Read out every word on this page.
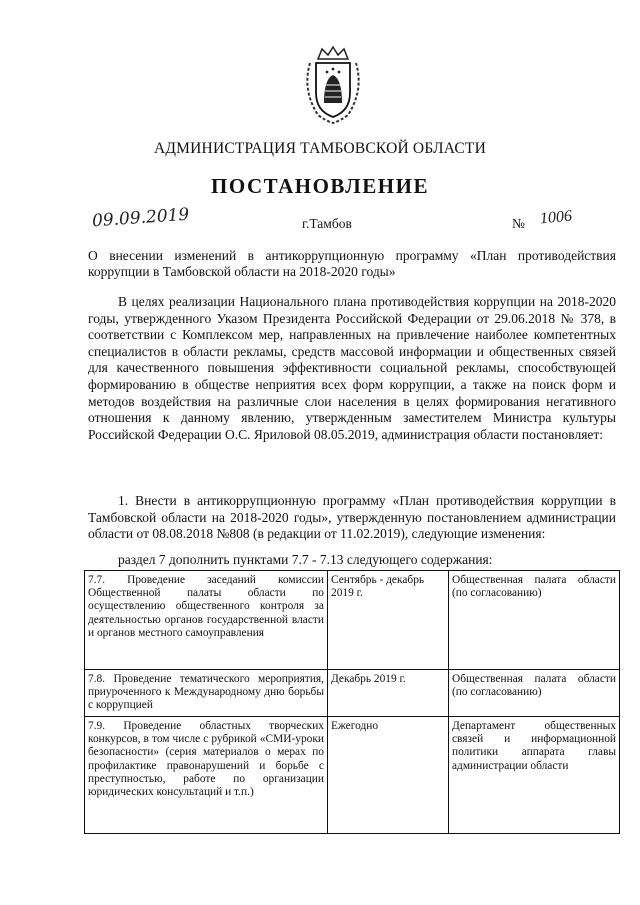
АДМИНИСТРАЦИЯ ТАМБОВСКОЙ ОБЛАСТИ
ПОСТАНОВЛЕНИЕ
09.09.2019	г.Тамбов	№ 1006
О внесении изменений в антикоррупционную программу «План противодействия коррупции в Тамбовской области на 2018-2020 годы»

В целях реализации Национального плана противодействия коррупции на 2018-2020 годы, утвержденного Указом Президента Российской Федерации от 29.06.2018 № 378, в соответствии с Комплексом мер, направленных на привлечение наиболее компетентных специалистов в области рекламы, средств массовой информации и общественных связей для качественного повышения эффективности социальной рекламы, способствующей формированию в обществе неприятия всех форм коррупции, а также на поиск форм и методов воздействия на различные слои населения в целях формирования негативного отношения к данному явлению, утвержденным заместителем Министра культуры Российской Федерации О.С. Яриловой 08.05.2019, администрация области постановляет:

1. Внести в антикоррупционную программу «План противодействия коррупции в Тамбовской области на 2018-2020 годы», утвержденную постановлением администрации области от 08.08.2018 №808 (в редакции от 11.02.2019), следующие изменения:

раздел 7 дополнить пунктами 7.7 - 7.13 следующего содержания:
7.7. Проведение заседаний комиссии Общественной палаты области по осуществлению общественного контроля за деятельностью органов государственной власти и органов местного самоуправления	Сентябрь - декабрь 2019 г.	Общественная палата области (по согласованию)
7.8. Проведение тематического мероприятия, приуроченного к Международному дню борьбы с коррупцией	Декабрь 2019 г.	Общественная палата области (по согласованию)
7.9. Проведение областных творческих конкурсов, в том числе с рубрикой «СМИ-уроки безопасности» (серия материалов о мерах по профилактике правонарушений и борьбе с преступностью, работе по организации юридических консультаций и т.п.)	Ежегодно	Департамент общественных связей и информационной политики аппарата главы администрации области
